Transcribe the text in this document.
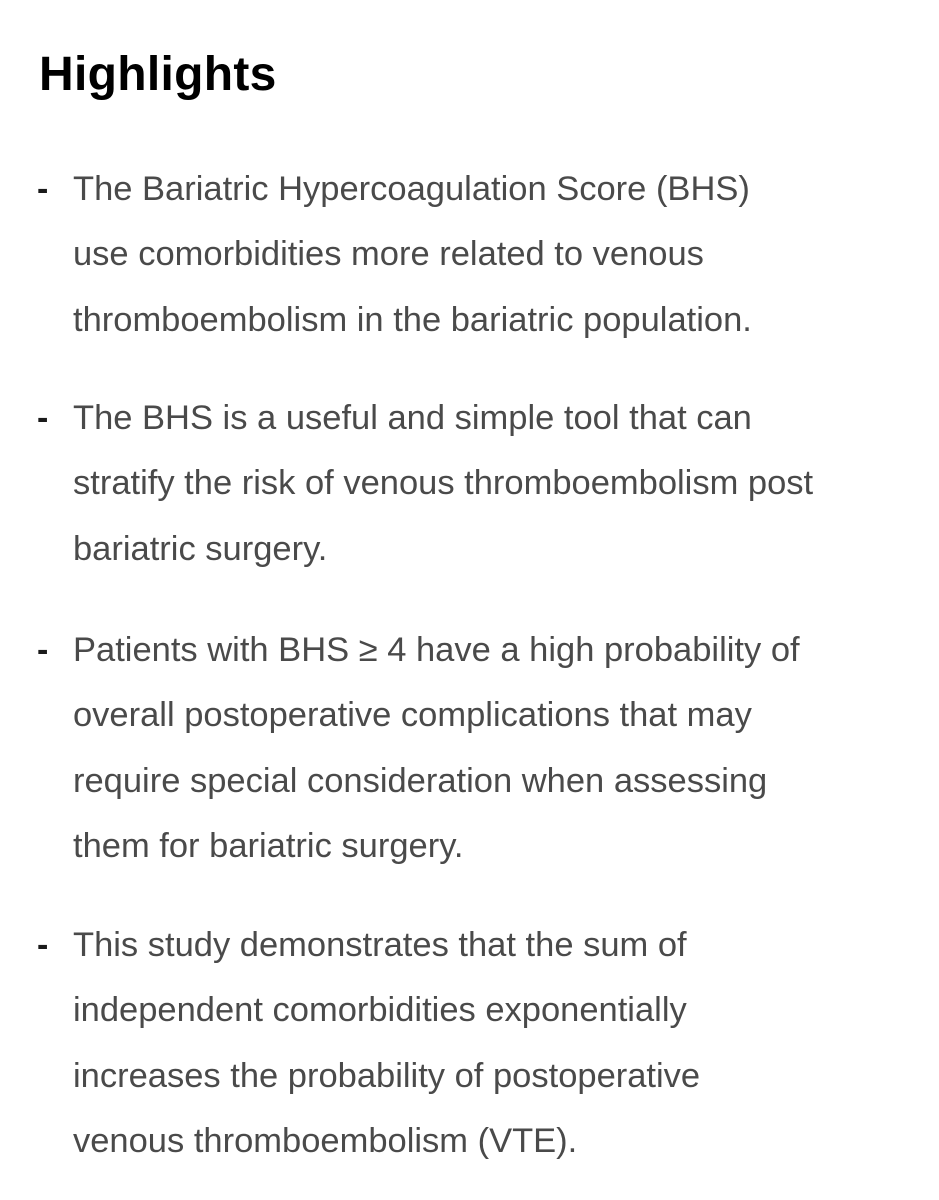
Highlights
- The Bariatric Hypercoagulation Score (BHS)
use comorbidities more related to venous
thromboembolism in the bariatric population.
- The BHS is a useful and simple tool that can
stratify the risk of venous thromboembolism post
bariatric surgery.
- Patients with BHS ≥ 4 have a high probability of
overall postoperative complications that may
require special consideration when assessing
them for bariatric surgery.
- This study demonstrates that the sum of
independent comorbidities exponentially
increases the probability of postoperative
venous thromboembolism (VTE).
